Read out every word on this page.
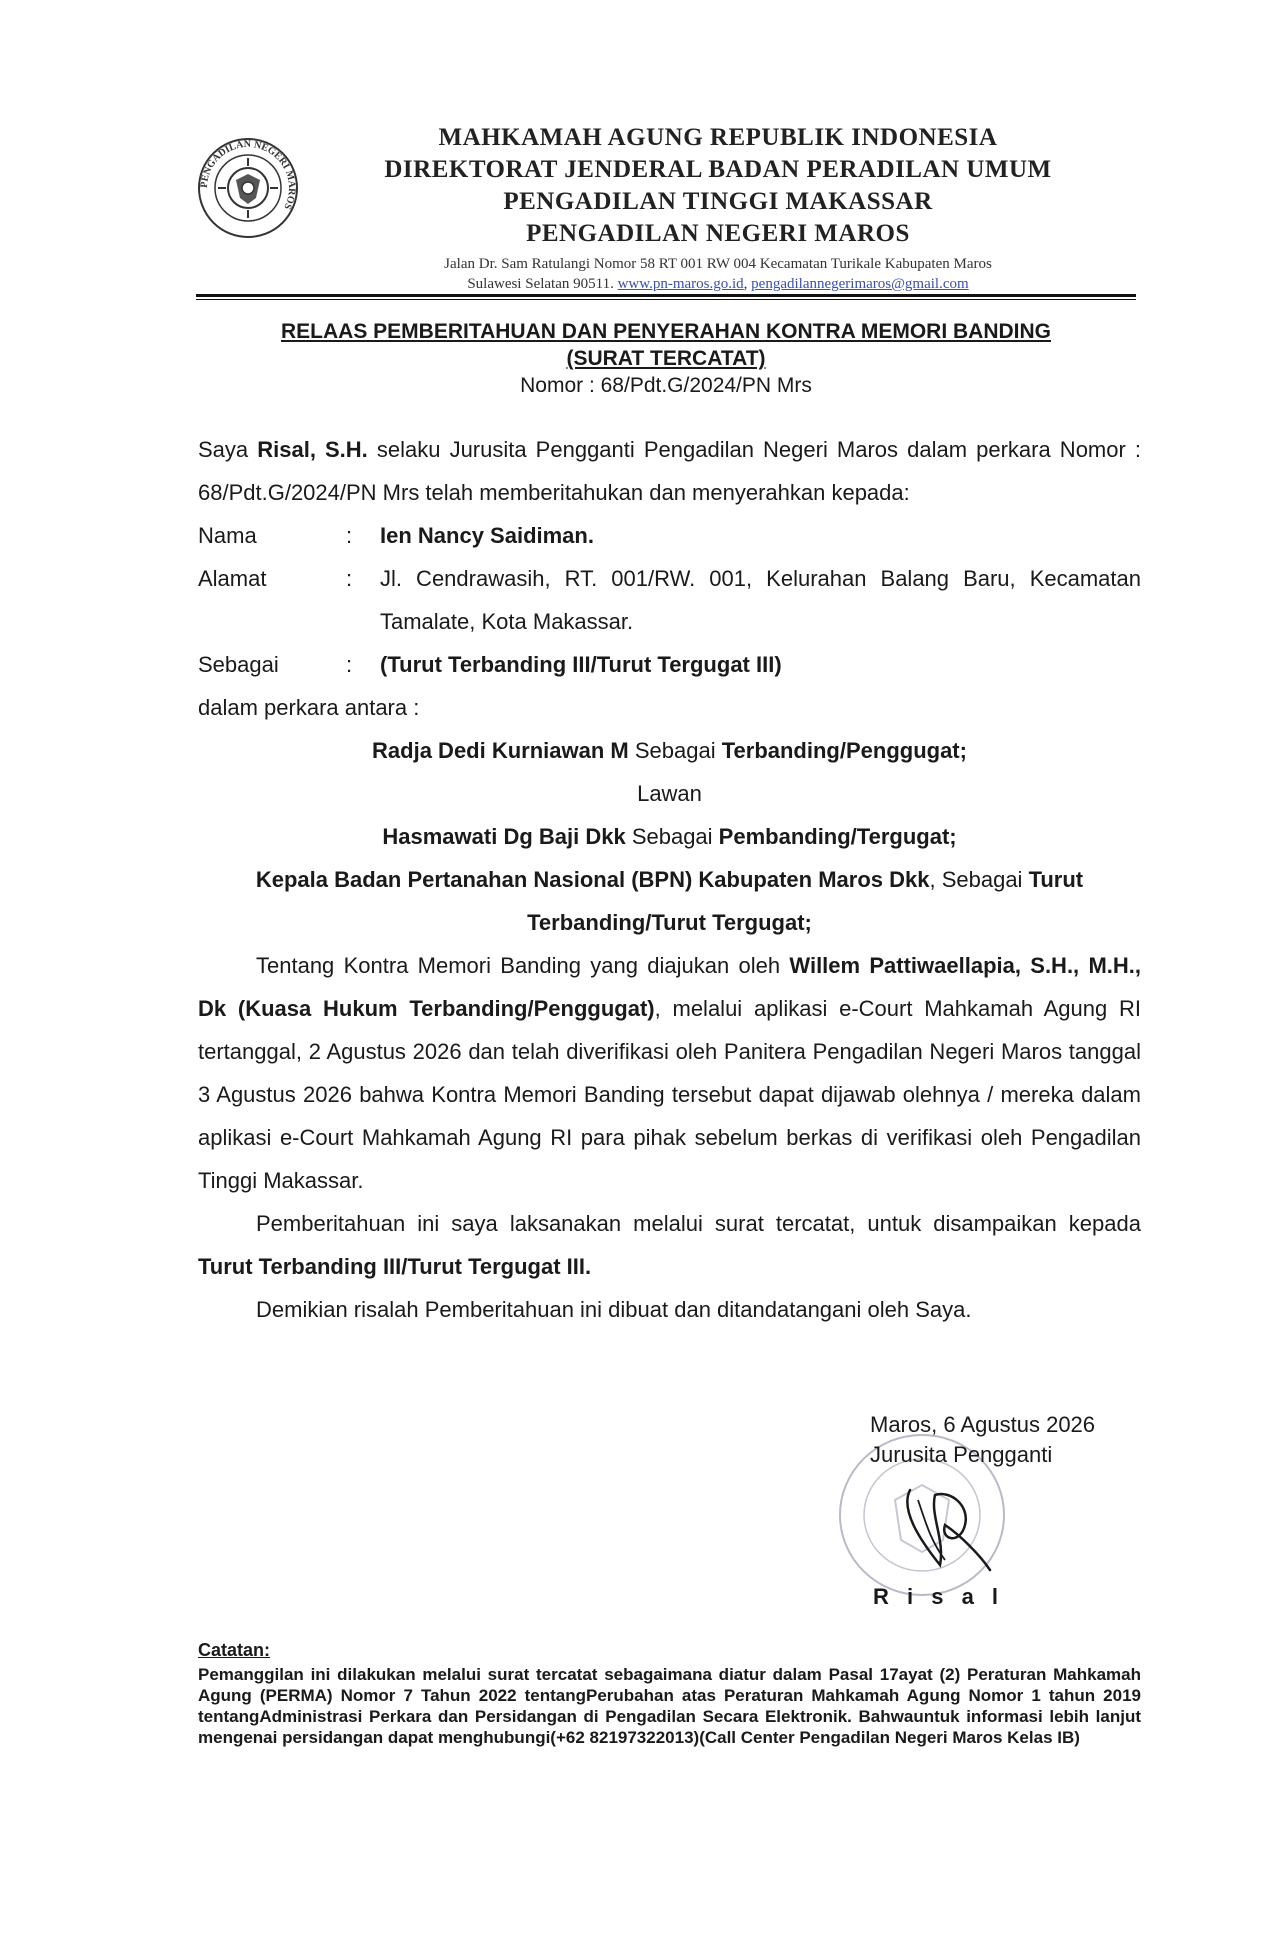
PENGADILAN NEGERI MAROS
MAHKAMAH AGUNG REPUBLIK INDONESIA
DIREKTORAT JENDERAL BADAN PERADILAN UMUM
PENGADILAN TINGGI MAKASSAR
PENGADILAN NEGERI MAROS
Jalan Dr. Sam Ratulangi Nomor 58 RT 001 RW 004 Kecamatan Turikale Kabupaten Maros
Sulawesi Selatan 90511. www.pn-maros.go.id, pengadilannegerimaros@gmail.com
RELAAS PEMBERITAHUAN DAN PENYERAHAN KONTRA MEMORI BANDING
(SURAT TERCATAT)
Nomor : 68/Pdt.G/2024/PN Mrs

Saya Risal, S.H. selaku Jurusita Pengganti Pengadilan Negeri Maros dalam perkara Nomor : 68/Pdt.G/2024/PN Mrs telah memberitahukan dan menyerahkan kepada:

Nama	:	Ien Nancy Saidiman.
Alamat	:	Jl. Cendrawasih, RT. 001/RW. 001, Kelurahan Balang Baru, Kecamatan Tamalate, Kota Makassar.
Sebagai	:	(Turut Terbanding III/Turut Tergugat III)

dalam perkara antara :

Radja Dedi Kurniawan M Sebagai Terbanding/Penggugat;

Lawan

Hasmawati Dg Baji Dkk Sebagai Pembanding/Tergugat;

Kepala Badan Pertanahan Nasional (BPN) Kabupaten Maros Dkk, Sebagai Turut Terbanding/Turut Tergugat;

Tentang Kontra Memori Banding yang diajukan oleh Willem Pattiwaellapia, S.H., M.H., Dk (Kuasa Hukum Terbanding/Penggugat), melalui aplikasi e-Court Mahkamah Agung RI tertanggal, 2 Agustus 2026 dan telah diverifikasi oleh Panitera Pengadilan Negeri Maros tanggal 3 Agustus 2026 bahwa Kontra Memori Banding tersebut dapat dijawab olehnya / mereka dalam aplikasi e-Court Mahkamah Agung RI para pihak sebelum berkas di verifikasi oleh Pengadilan Tinggi Makassar.

Pemberitahuan ini saya laksanakan melalui surat tercatat, untuk disampaikan kepada Turut Terbanding III/Turut Tergugat III.

Demikian risalah Pemberitahuan ini dibuat dan ditandatangani oleh Saya.

Maros, 6 Agustus 2026
Jurusita Pengganti
R i s a l
Catatan:
Pemanggilan ini dilakukan melalui surat tercatat sebagaimana diatur dalam Pasal 17ayat (2) Peraturan Mahkamah Agung (PERMA) Nomor 7 Tahun 2022 tentangPerubahan atas Peraturan Mahkamah Agung Nomor 1 tahun 2019 tentangAdministrasi Perkara dan Persidangan di Pengadilan Secara Elektronik. Bahwauntuk informasi lebih lanjut mengenai persidangan dapat menghubungi(+62 82197322013)(Call Center Pengadilan Negeri Maros Kelas IB)
